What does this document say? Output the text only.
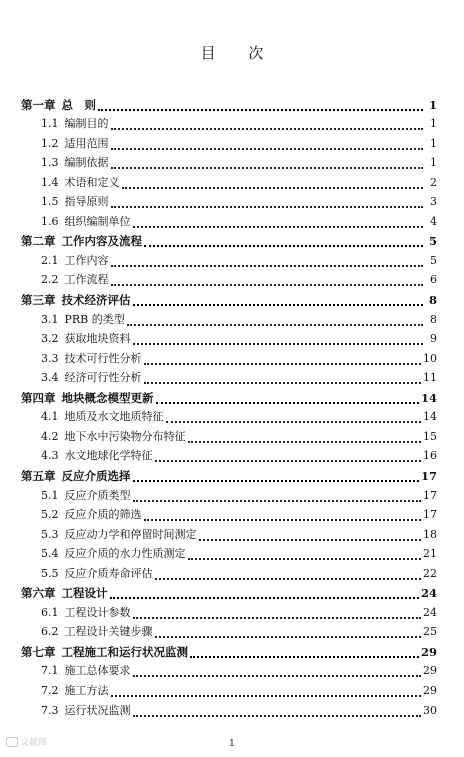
目 次
第一章 总　则	1
1.1 编制目的	1
1.2 适用范围	1
1.3 编制依据	1
1.4 术语和定义	2
1.5 指导原则	3
1.6 组织编制单位	4
第二章 工作内容及流程	5
2.1 工作内容	5
2.2 工作流程	6
第三章 技术经济评估	8
3.1 PRB 的类型	8
3.2 获取地块资料	9
3.3 技术可行性分析	10
3.4 经济可行性分析	11
第四章 地块概念模型更新	14
4.1 地质及水文地质特征	14
4.2 地下水中污染物分布特征	15
4.3 水文地球化学特征	16
第五章 反应介质选择	17
5.1 反应介质类型	17
5.2 反应介质的筛选	17
5.3 反应动力学和停留时间测定	18
5.4 反应介质的水力性质测定	21
5.5 反应介质寿命评估	22
第六章 工程设计	24
6.1 工程设计参数	24
6.2 工程设计关键步骤	25
第七章 工程施工和运行状况监测	29
7.1 施工总体要求	29
7.2 施工方法	29
7.3 运行状况监测	30
1
文献阁
